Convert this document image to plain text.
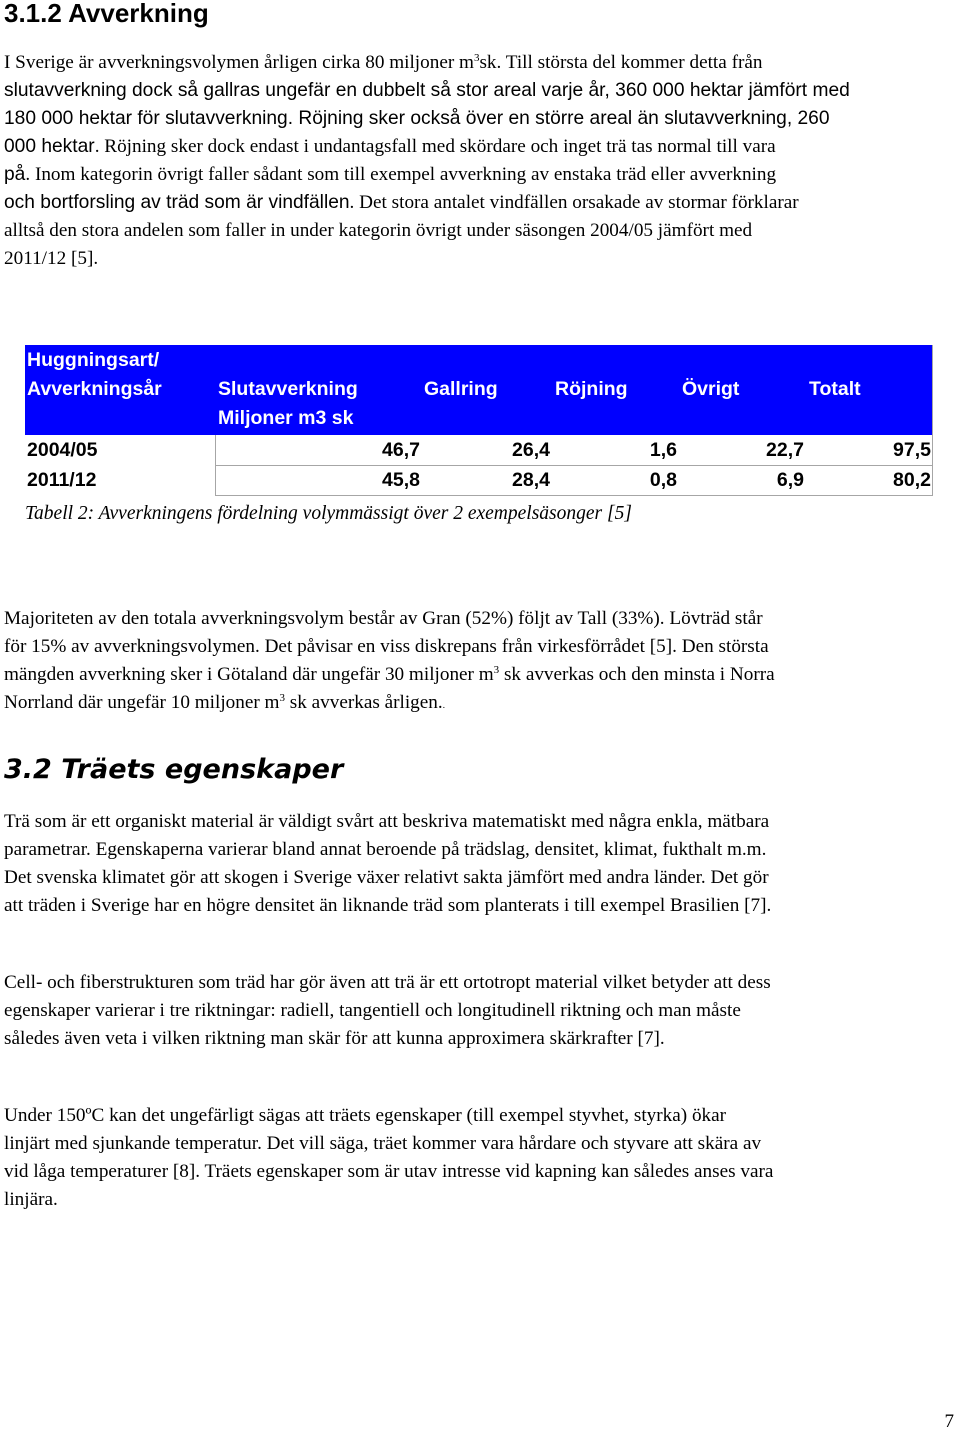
3.1.2 Avverkning
I Sverige är avverkningsvolymen årligen cirka 80 miljoner $m^3sk$. Till största del kommer detta från
slutavverkning dock så gallras ungefär en dubbelt så stor areal varje år, 360 000 hektar jämfört med
180 000 hektar för slutavverkning. Röjning sker också över en större areal än slutavverkning, 260
000 hektar. Röjning sker dock endast i undantagsfall med skördare och inget trä tas normal till vara
på. Inom kategorin övrigt faller sådant som till exempel avverkning av enstaka träd eller avverkning
och bortforsling av träd som är vindfällen. Det stora antalet vindfällen orsakade av stormar förklarar
alltså den stora andelen som faller in under kategorin övrigt under säsongen 2004/05 jämfört med
2011/12 [5].
Huggningsart/
Avverkningsår	Slutavverkning	Gallring	Röjning	Övrigt	Totalt
Miljoner m3 sk
2004/05	46,7	26,4	1,6	22,7	97,5
2011/12	45,8	28,4	0,8	6,9	80,2

Tabell 2: Avverkningens fördelning volymmässigt över 2 exempelsäsonger [5]

Majoriteten av den totala avverkningsvolym består av Gran (52%) följt av Tall (33%). Lövträd står
för 15% av avverkningsvolymen. Det påvisar en viss diskrepans från virkesförrådet [5]. Den största
mängden avverkning sker i Götaland där ungefär 30 miljoner $m^3$ sk avverkas och den minsta i Norra
Norrland där ungefär 10 miljoner $m^3$ sk avverkas årligen..
3.2 Träets egenskaper
Trä som är ett organiskt material är väldigt svårt att beskriva matematiskt med några enkla, mätbara
parametrar. Egenskaperna varierar bland annat beroende på trädslag, densitet, klimat, fukthalt m.m.
Det svenska klimatet gör att skogen i Sverige växer relativt sakta jämfört med andra länder. Det gör
att träden i Sverige har en högre densitet än liknande träd som planterats i till exempel Brasilien [7].
Cell- och fiberstrukturen som träd har gör även att trä är ett ortotropt material vilket betyder att dess
egenskaper varierar i tre riktningar: radiell, tangentiell och longitudinell riktning och man måste
således även veta i vilken riktning man skär för att kunna approximera skärkrafter [7].
Under 150ºC kan det ungefärligt sägas att träets egenskaper (till exempel styvhet, styrka) ökar
linjärt med sjunkande temperatur. Det vill säga, träet kommer vara hårdare och styvare att skära av
vid låga temperaturer [8]. Träets egenskaper som är utav intresse vid kapning kan således anses vara
linjära.

7
